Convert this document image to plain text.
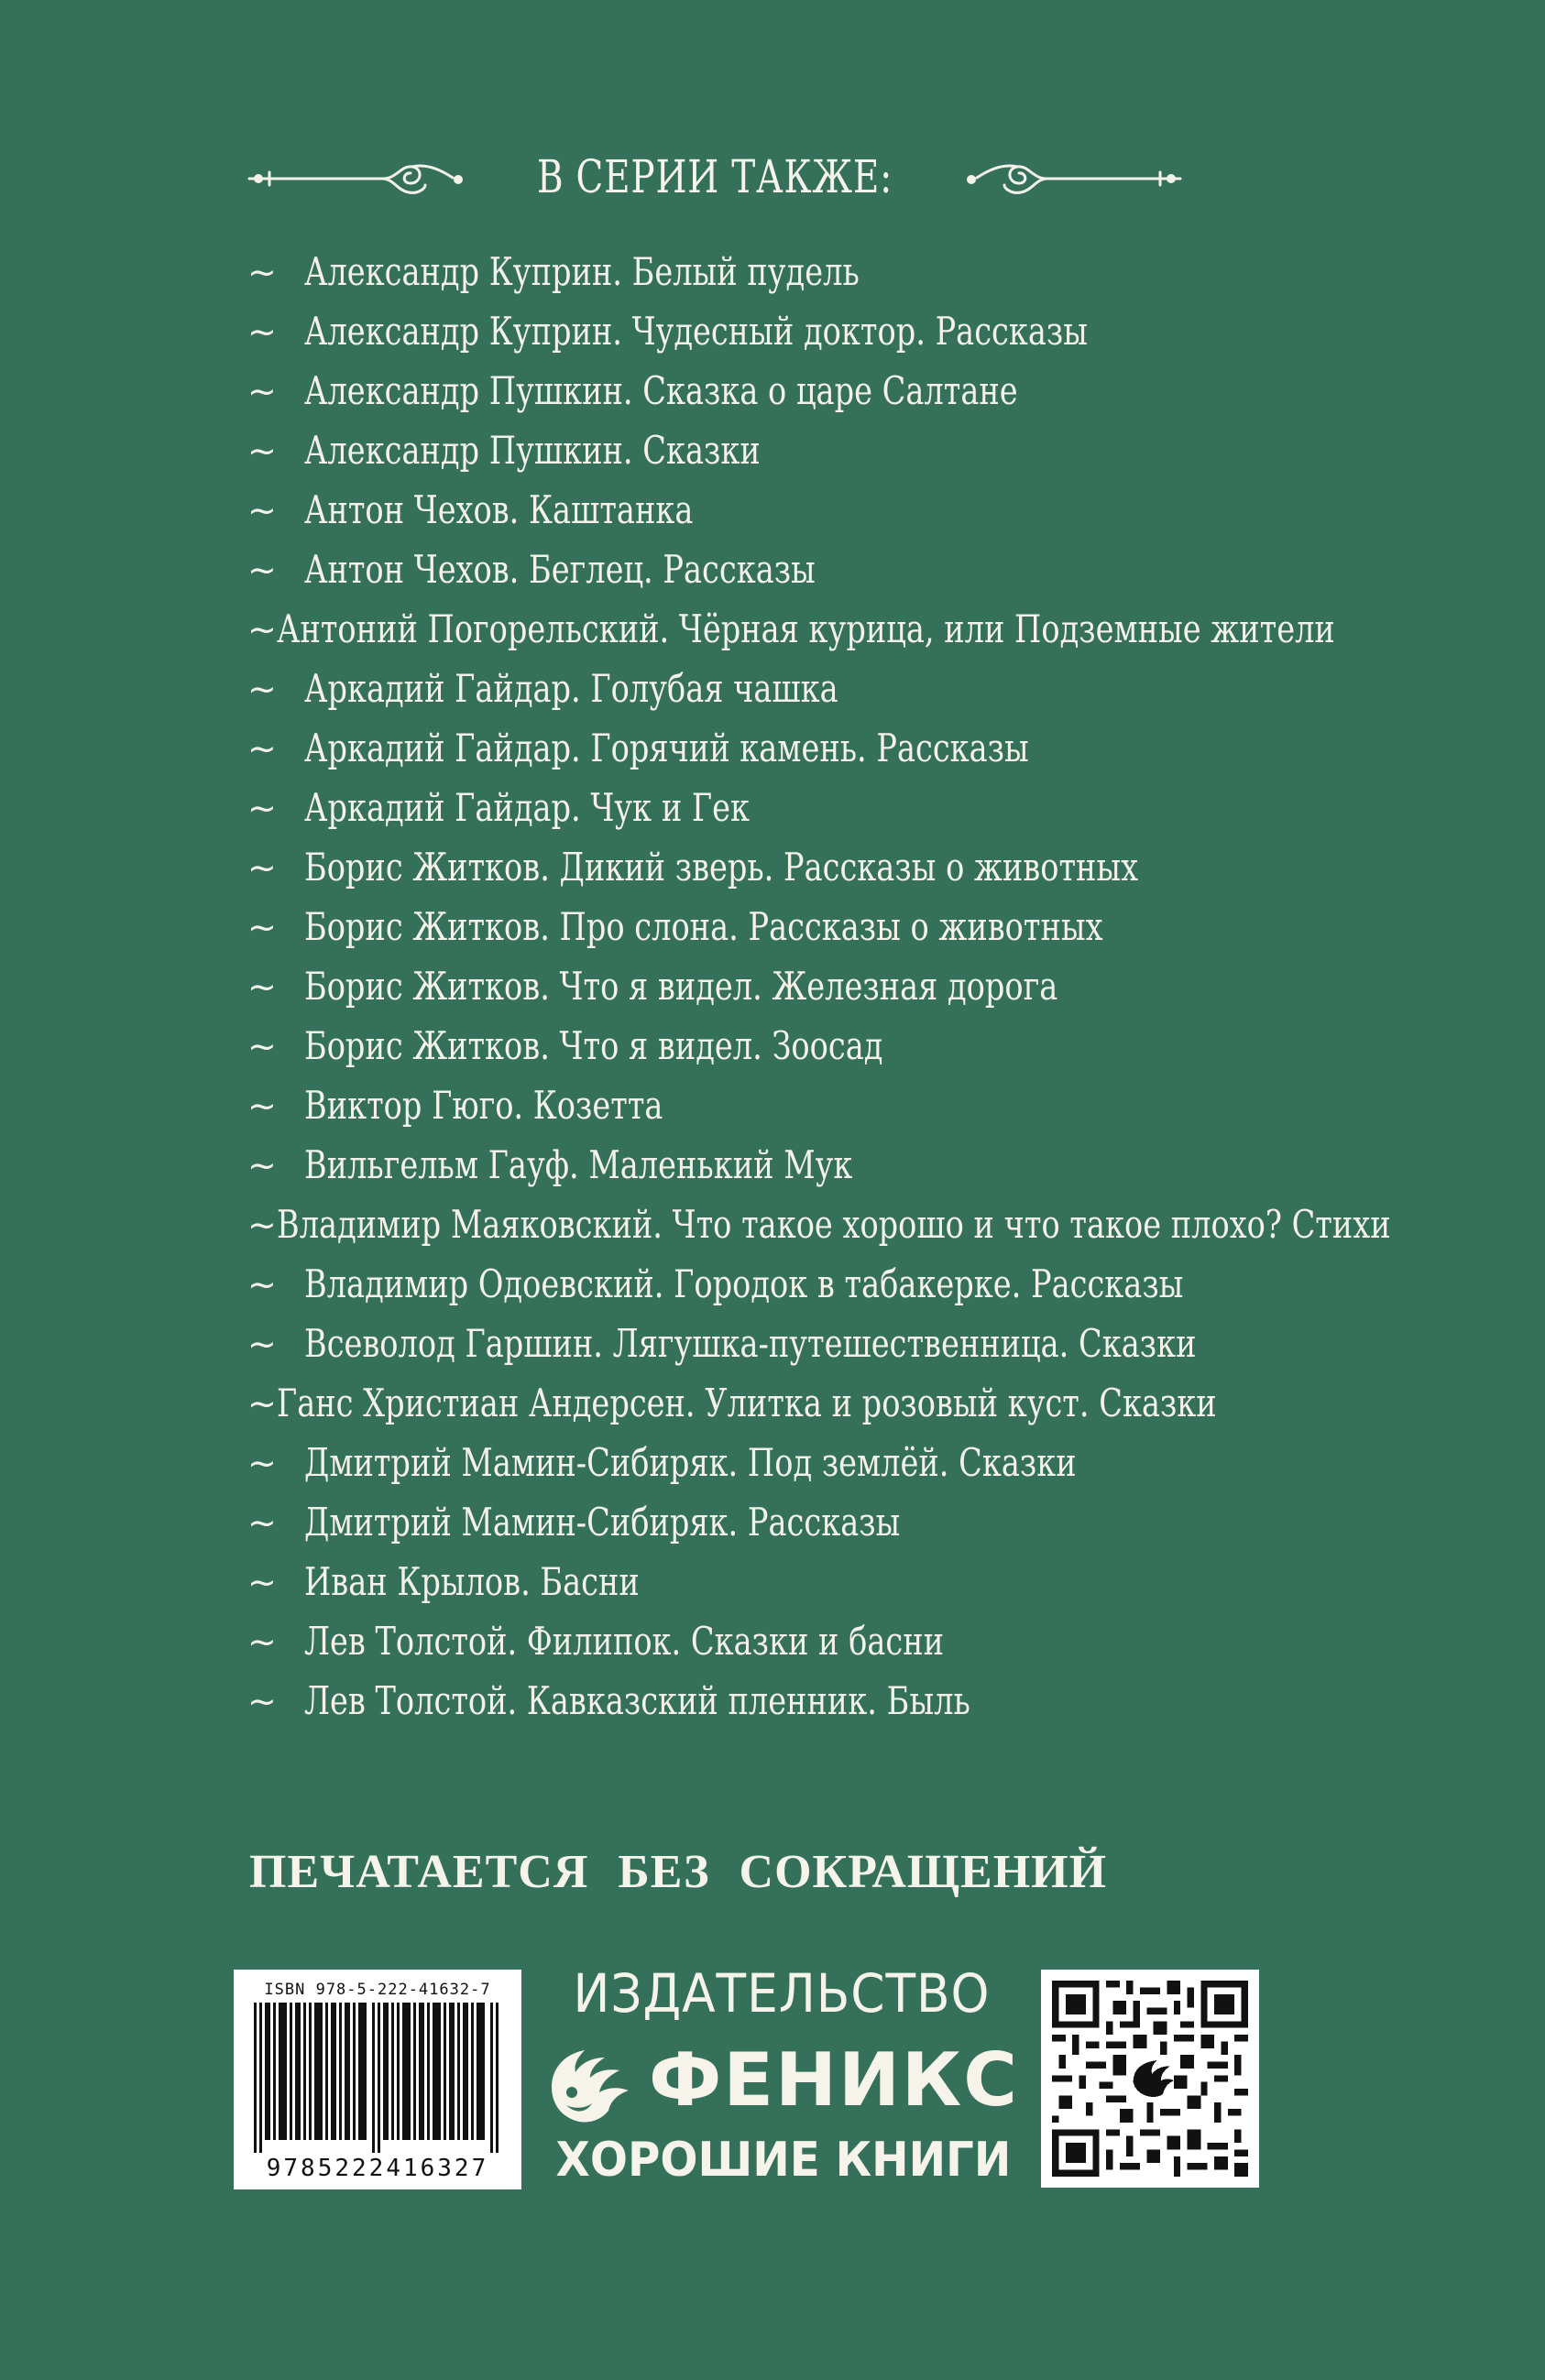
В СЕРИИ ТАКЖЕ:
~ Александр Куприн. Белый пудель
~ Александр Куприн. Чудесный доктор. Рассказы
~ Александр Пушкин. Сказка о царе Салтане
~ Александр Пушкин. Сказки
~ Антон Чехов. Каштанка
~ Антон Чехов. Беглец. Рассказы
~ Антоний Погорельский. Чёрная курица, или Подземные жители
~ Аркадий Гайдар. Голубая чашка
~ Аркадий Гайдар. Горячий камень. Рассказы
~ Аркадий Гайдар. Чук и Гек
~ Борис Житков. Дикий зверь. Рассказы о животных
~ Борис Житков. Про слона. Рассказы о животных
~ Борис Житков. Что я видел. Железная дорога
~ Борис Житков. Что я видел. Зоосад
~ Виктор Гюго. Козетта
~ Вильгельм Гауф. Маленький Мук
~ Владимир Маяковский. Что такое хорошо и что такое плохо? Стихи
~ Владимир Одоевский. Городок в табакерке. Рассказы
~ Всеволод Гаршин. Лягушка-путешественница. Сказки
~ Ганс Христиан Андерсен. Улитка и розовый куст. Сказки
~ Дмитрий Мамин-Сибиряк. Под землёй. Сказки
~ Дмитрий Мамин-Сибиряк. Рассказы
~ Иван Крылов. Басни
~ Лев Толстой. Филипок. Сказки и басни
~ Лев Толстой. Кавказский пленник. Быль
ПЕЧАТАЕТСЯ БЕЗ СОКРАЩЕНИЙ
ISBN 978-5-222-41632-7
9785222416327
ИЗДАТЕЛЬСТВО
ФЕНИКС
ХОРОШИЕ КНИГИ
